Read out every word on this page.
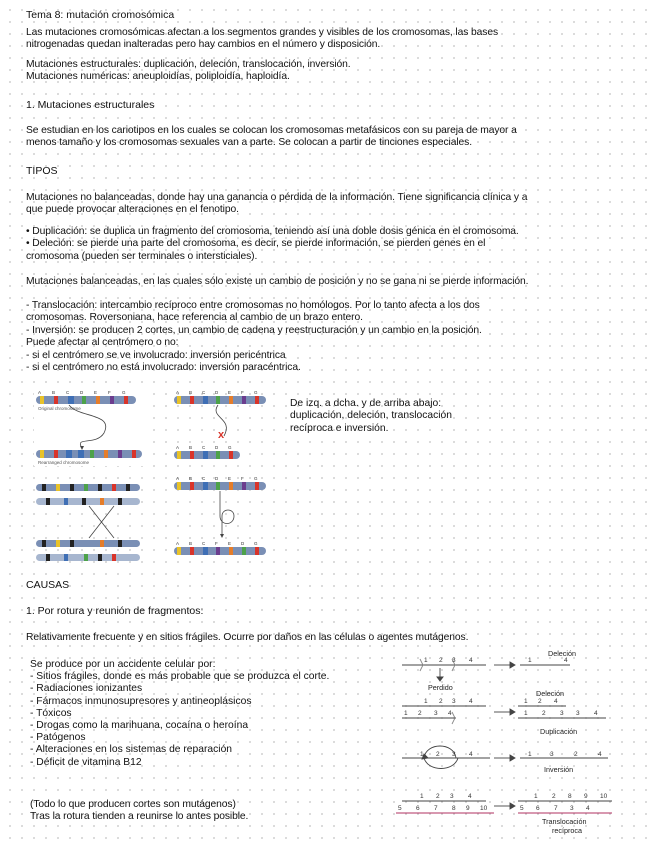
Tema 8: mutación cromosómica
Las mutaciones cromosómicas afectan a los segmentos grandes y visibles de los cromosomas, las bases
nitrogenadas quedan inalteradas pero hay cambios en el número y disposición.
Mutaciones estructurales: duplicación, deleción, translocación, inversión.
Mutaciones numéricas: aneuploidías, poliploidía, haploidía.
1. Mutaciones estructurales
Se estudian en los cariotipos en los cuales se colocan los cromosomas metafásicos con su pareja de mayor a
menos tamaño y los cromosomas sexuales van a parte. Se colocan a partir de tinciones especiales.
TIPOS
Mutaciones no balanceadas, donde hay una ganancia o pérdida de la información. Tiene significancia clínica y a
que puede provocar alteraciones en el fenotipo.
• Duplicación: se duplica un fragmento del cromosoma, teniendo así una doble dosis génica en el cromosoma.
• Deleción: se pierde una parte del cromosoma, es decir, se pierde información, se pierden genes en el
cromosoma (pueden ser terminales o intersticiales).
Mutaciones balanceadas, en las cuales sólo existe un cambio de posición y no se gana ni se pierde información.
- Translocación: intercambio recíproco entre cromosomas no homólogos. Por lo tanto afecta a los dos
cromosomas. Roversoniana, hace referencia al cambio de un brazo entero.
- Inversión: se producen 2 cortes, un cambio de cadena y reestructuración y un cambio en la posición.
Puede afectar al centrómero o no:
- si el centrómero se ve involucrado: inversión pericéntrica
- si el centrómero no está involucrado: inversión paracéntrica.
A B C D E F	G
Original chromosome
Rearranged chromosome
A B C D E F G
x
A B C D G
A B C D E F G
A B C F E D G
De izq. a dcha. y de arriba abajo:
duplicación, deleción, translocación
recíproca e inversión.
CAUSAS
1. Por rotura y reunión de fragmentos:
Relativamente frecuente y en sitios frágiles. Ocurre por daños en las células o agentes mutágenos.
Se produce por un accidente celular por:
- Sitios frágiles, donde es más probable que se produzca el corte.
- Radiaciones ionizantes
- Fármacos inmunosupresores y antineoplásicos
- Tóxicos
- Drogas como la marihuana, cocaína o heroína
- Patógenos
- Alteraciones en los sistemas de reparación
- Déficit de vitamina B12
(Todo lo que producen cortes son mutágenos)
Tras la rotura tienden a reunirse lo antes posible.
1 2 3 4	1	4
1 2 3 4
1 2 3 4
1 2 4
1 2 3 3 4
1 2 3 4	1	3	2	4
1 2 3 4
5 6 7 8 9 10
1 2 8 9 10
5 6 7 3 4
Deleción
Perdido
Deleción
Duplicación
Inversión
Translocación
recíproca
